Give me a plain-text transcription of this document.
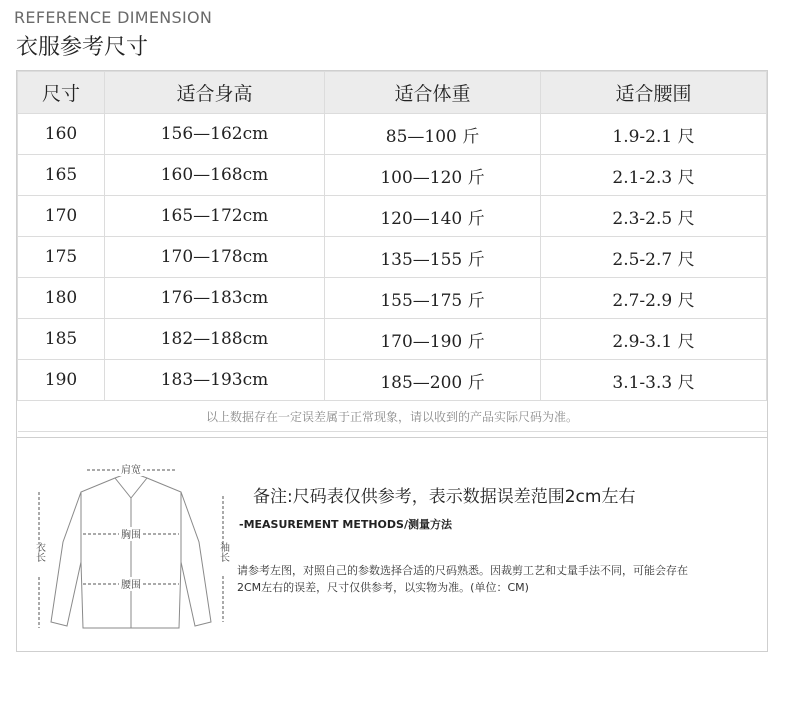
REFERENCE DIMENSION
衣服参考尺寸
尺寸	适合身高	适合体重	适合腰围
160	156—162cm	85—100 斤	1.9-2.1 尺
165	160—168cm	100—120 斤	2.1-2.3 尺
170	165—172cm	120—140 斤	2.3-2.5 尺
175	170—178cm	135—155 斤	2.5-2.7 尺
180	176—183cm	155—175 斤	2.7-2.9 尺
185	182—188cm	170—190 斤	2.9-3.1 尺
190	183—193cm	185—200 斤	3.1-3.3 尺
以上数据存在一定误差属于正常现象，请以收到的产品实际尺码为准。			
肩宽
胸围
腰围
衣长	袖长
备注:尺码表仅供参考，表示数据误差范围2cm左右
-MEASUREMENT METHODS/测量方法
请参考左图，对照自己的参数选择合适的尺码熟悉。因裁剪工艺和丈量手法不同，可能会存在2CM左右的误差，尺寸仅供参考，以实物为准。(单位：CM)
